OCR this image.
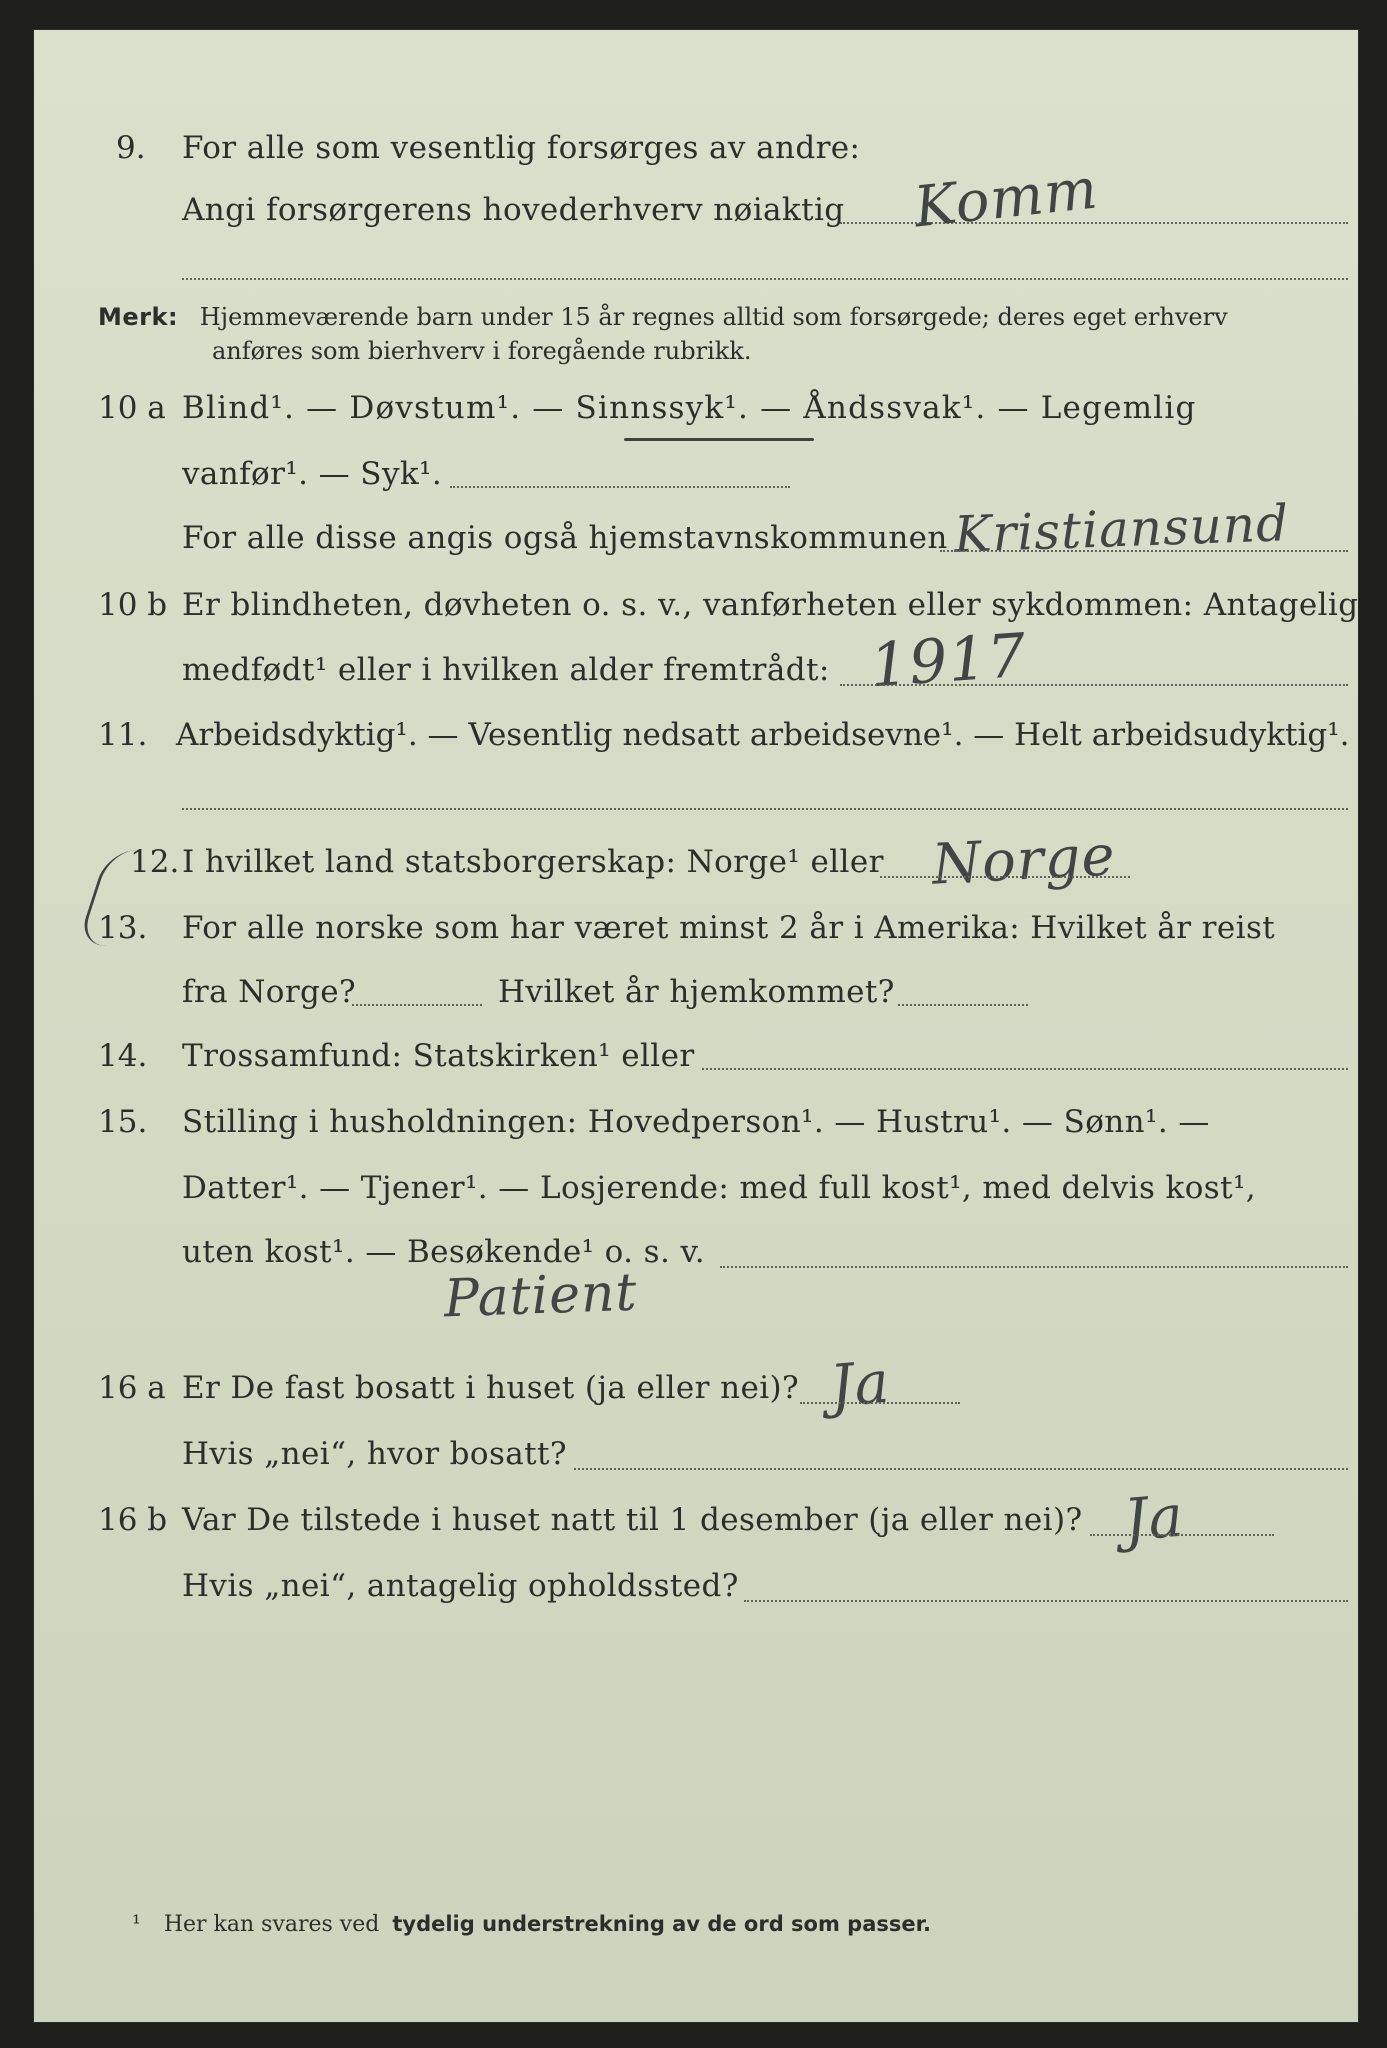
9. For alle som vesentlig forsørges av andre:
Angi forsørgerens hovederhverv nøiaktig Komm
Merk: Hjemmeværende barn under 15 år regnes alltid som forsørgede; deres eget erhverv
anføres som bierhverv i foregående rubrikk.
10 a Blind¹. — Døvstum¹. — Sinnssyk¹. — Åndssvak¹. — Legemlig
vanfør¹. — Syk¹.
For alle disse angis også hjemstavnskommunen Kristiansund
10 b Er blindheten, døvheten o. s. v., vanførheten eller sykdommen: Antagelig
medfødt¹ eller i hvilken alder fremtrådt: 1917
11. Arbeidsdyktig¹. — Vesentlig nedsatt arbeidsevne¹. — Helt arbeidsudyktig¹.
12. I hvilket land statsborgerskap: Norge¹ eller Norge
13. For alle norske som har været minst 2 år i Amerika: Hvilket år reist
fra Norge?	Hvilket år hjemkommet?
14. Trossamfund: Statskirken¹ eller
15. Stilling i husholdningen: Hovedperson¹. — Hustru¹. — Sønn¹. —
Datter¹. — Tjener¹. — Losjerende: med full kost¹, med delvis kost¹,
uten kost¹. — Besøkende¹ o. s. v.
Patient
16 a Er De fast bosatt i huset (ja eller nei)? Ja
Hvis „nei“, hvor bosatt?
16 b Var De tilstede i huset natt til 1 desember (ja eller nei)? Ja
Hvis „nei“, antagelig opholdssted?
¹ Her kan svares ved tydelig understrekning av de ord som passer.
